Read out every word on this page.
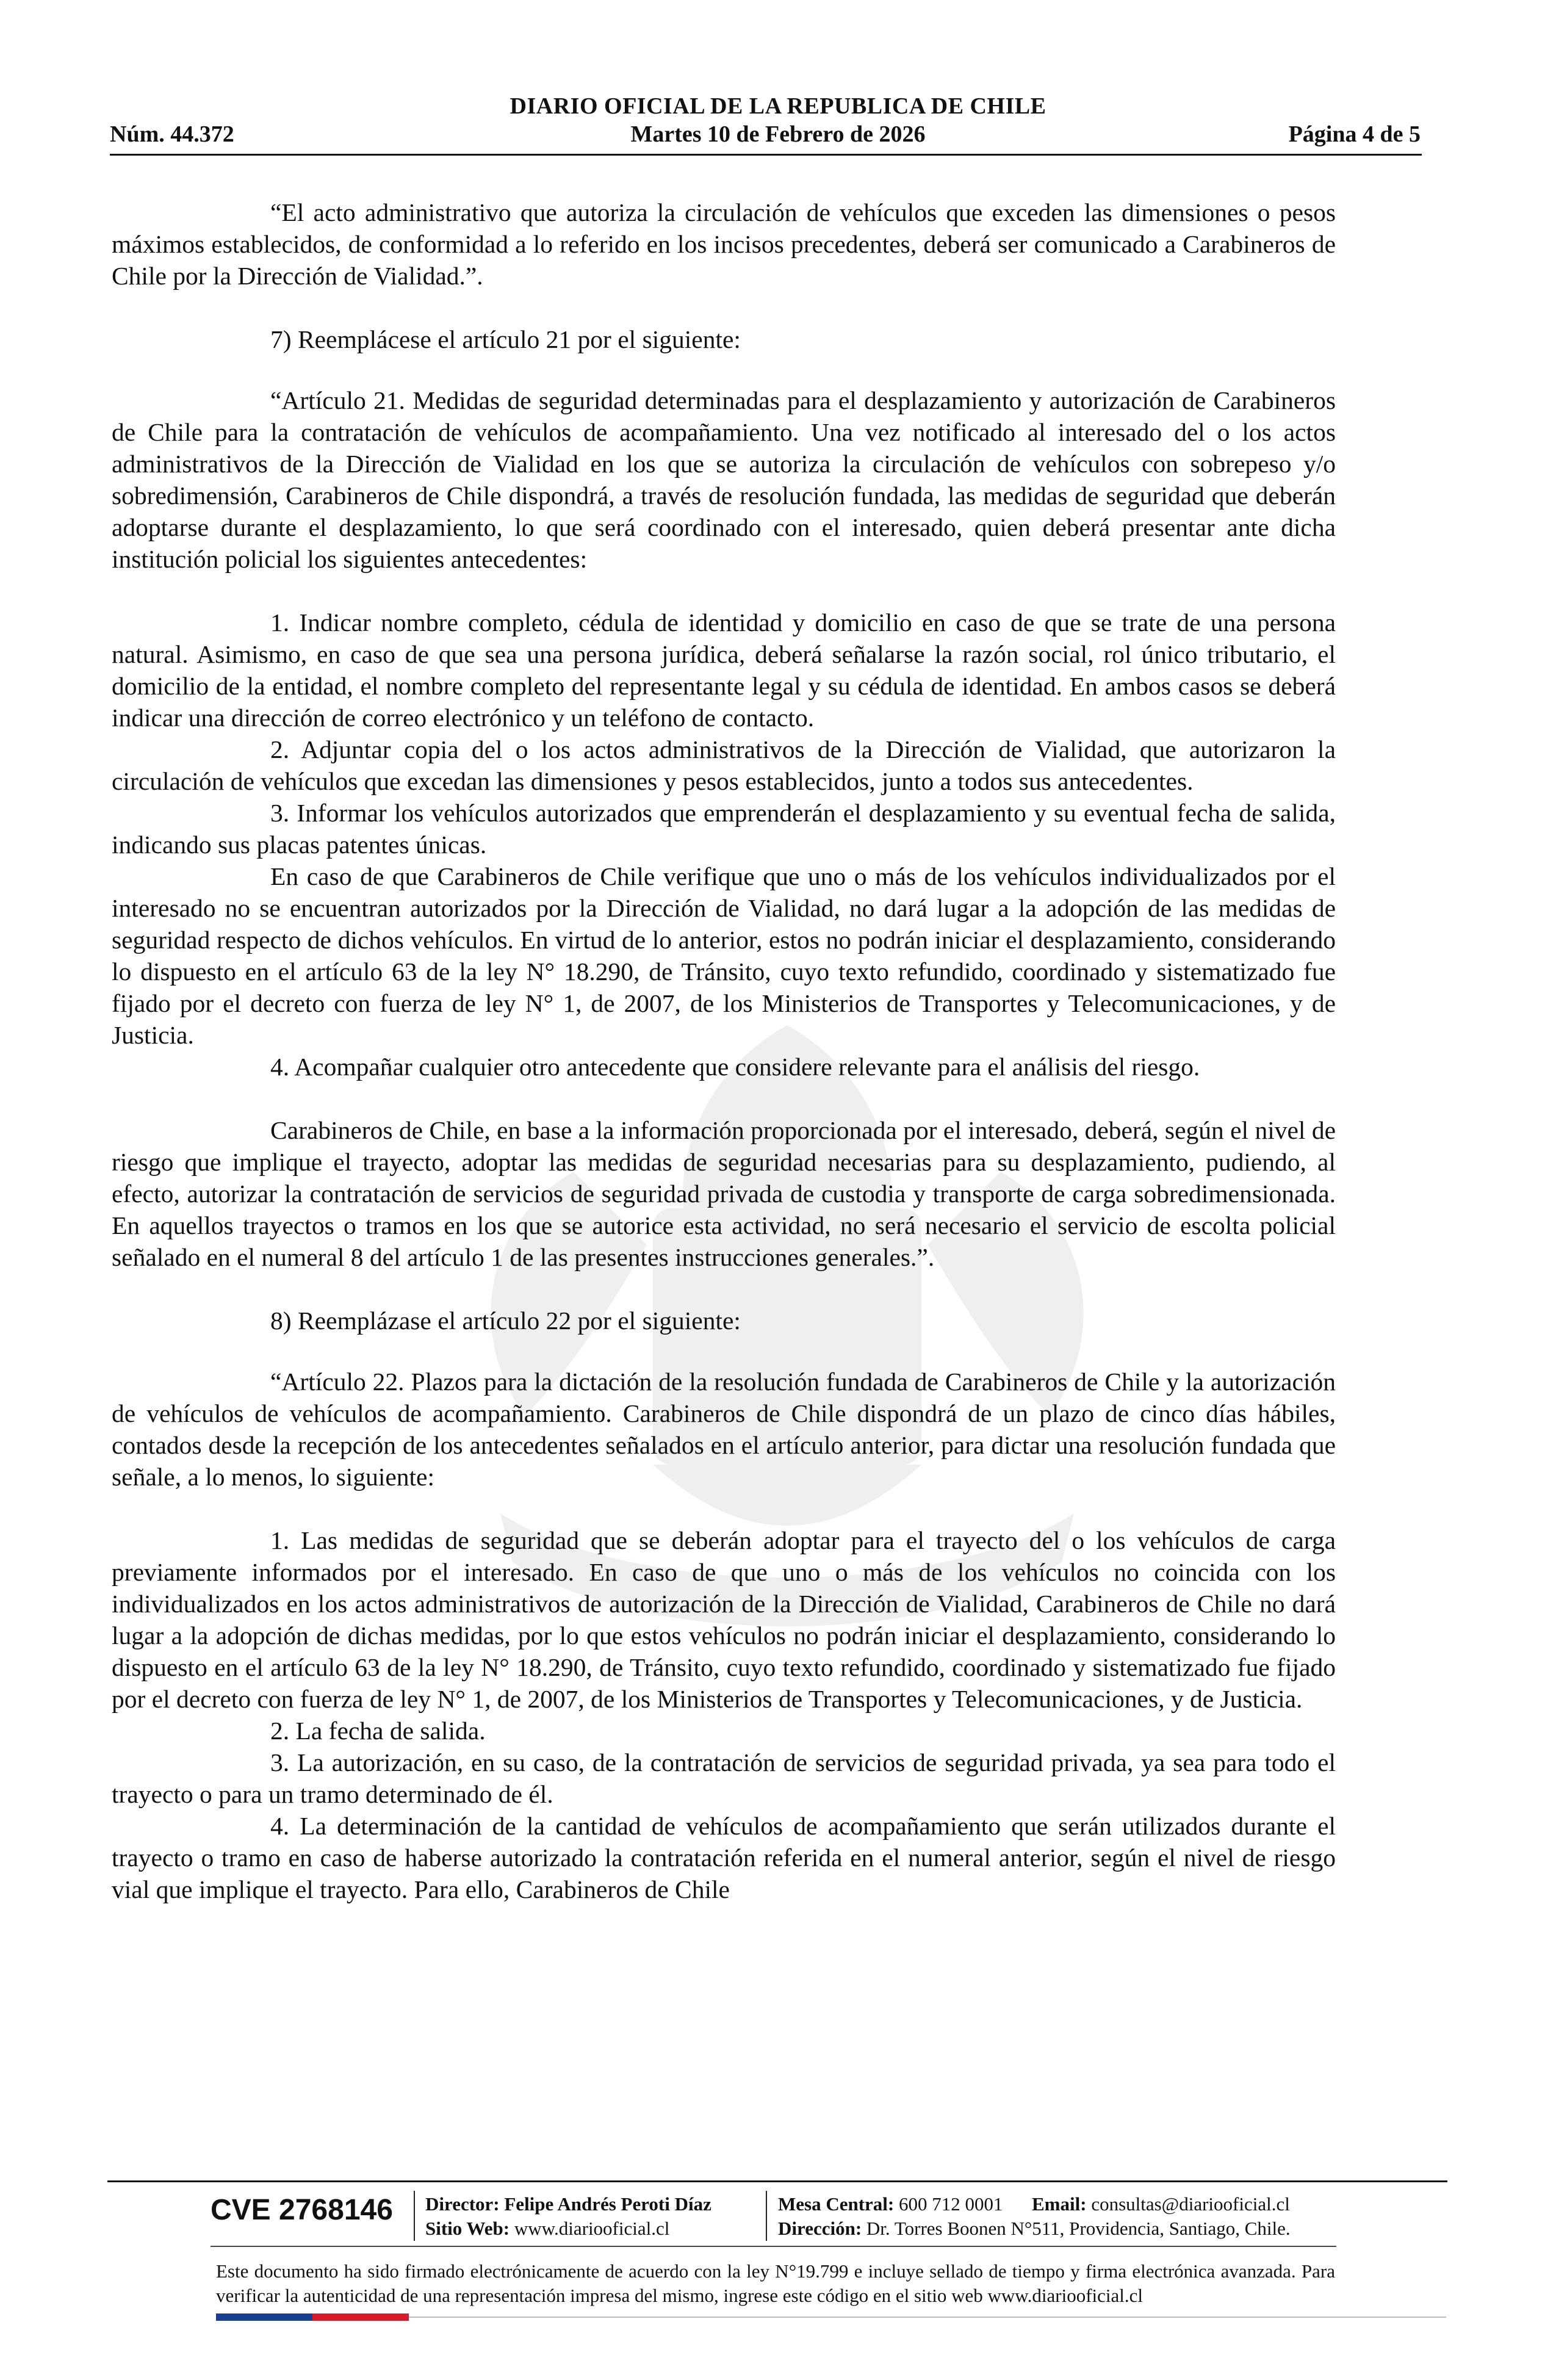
DIARIO OFICIAL DE LA REPUBLICA DE CHILE
Martes 10 de Febrero de 2026
Núm. 44.372	Página 4 de 5

“El acto administrativo que autoriza la circulación de vehículos que exceden las dimensiones o pesos máximos establecidos, de conformidad a lo referido en los incisos precedentes, deberá ser comunicado a Carabineros de Chile por la Dirección de Vialidad.”.

7) Reemplácese el artículo 21 por el siguiente:

“Artículo 21. Medidas de seguridad determinadas para el desplazamiento y autorización de Carabineros de Chile para la contratación de vehículos de acompañamiento. Una vez notificado al interesado del o los actos administrativos de la Dirección de Vialidad en los que se autoriza la circulación de vehículos con sobrepeso y/o sobredimensión, Carabineros de Chile dispondrá, a través de resolución fundada, las medidas de seguridad que deberán adoptarse durante el desplazamiento, lo que será coordinado con el interesado, quien deberá presentar ante dicha institución policial los siguientes antecedentes:

1. Indicar nombre completo, cédula de identidad y domicilio en caso de que se trate de una persona natural. Asimismo, en caso de que sea una persona jurídica, deberá señalarse la razón social, rol único tributario, el domicilio de la entidad, el nombre completo del representante legal y su cédula de identidad. En ambos casos se deberá indicar una dirección de correo electrónico y un teléfono de contacto.

2. Adjuntar copia del o los actos administrativos de la Dirección de Vialidad, que autorizaron la circulación de vehículos que excedan las dimensiones y pesos establecidos, junto a todos sus antecedentes.

3. Informar los vehículos autorizados que emprenderán el desplazamiento y su eventual fecha de salida, indicando sus placas patentes únicas.

En caso de que Carabineros de Chile verifique que uno o más de los vehículos individualizados por el interesado no se encuentran autorizados por la Dirección de Vialidad, no dará lugar a la adopción de las medidas de seguridad respecto de dichos vehículos. En virtud de lo anterior, estos no podrán iniciar el desplazamiento, considerando lo dispuesto en el artículo 63 de la ley N° 18.290, de Tránsito, cuyo texto refundido, coordinado y sistematizado fue fijado por el decreto con fuerza de ley N° 1, de 2007, de los Ministerios de Transportes y Telecomunicaciones, y de Justicia.

4. Acompañar cualquier otro antecedente que considere relevante para el análisis del riesgo.

Carabineros de Chile, en base a la información proporcionada por el interesado, deberá, según el nivel de riesgo que implique el trayecto, adoptar las medidas de seguridad necesarias para su desplazamiento, pudiendo, al efecto, autorizar la contratación de servicios de seguridad privada de custodia y transporte de carga sobredimensionada. En aquellos trayectos o tramos en los que se autorice esta actividad, no será necesario el servicio de escolta policial señalado en el numeral 8 del artículo 1 de las presentes instrucciones generales.”.

8) Reemplázase el artículo 22 por el siguiente:

“Artículo 22. Plazos para la dictación de la resolución fundada de Carabineros de Chile y la autorización de vehículos de vehículos de acompañamiento. Carabineros de Chile dispondrá de un plazo de cinco días hábiles, contados desde la recepción de los antecedentes señalados en el artículo anterior, para dictar una resolución fundada que señale, a lo menos, lo siguiente:

1. Las medidas de seguridad que se deberán adoptar para el trayecto del o los vehículos de carga previamente informados por el interesado. En caso de que uno o más de los vehículos no coincida con los individualizados en los actos administrativos de autorización de la Dirección de Vialidad, Carabineros de Chile no dará lugar a la adopción de dichas medidas, por lo que estos vehículos no podrán iniciar el desplazamiento, considerando lo dispuesto en el artículo 63 de la ley N° 18.290, de Tránsito, cuyo texto refundido, coordinado y sistematizado fue fijado por el decreto con fuerza de ley N° 1, de 2007, de los Ministerios de Transportes y Telecomunicaciones, y de Justicia.

2. La fecha de salida.

3. La autorización, en su caso, de la contratación de servicios de seguridad privada, ya sea para todo el trayecto o para un tramo determinado de él.

4. La determinación de la cantidad de vehículos de acompañamiento que serán utilizados durante el trayecto o tramo en caso de haberse autorizado la contratación referida en el numeral anterior, según el nivel de riesgo vial que implique el trayecto. Para ello, Carabineros de Chile

CVE 2768146 Director: Felipe Andrés Peroti Díaz
Sitio Web: www.diariooficial.cl
Mesa Central: 600 712 0001 Email: consultas@diariooficial.cl
Dirección: Dr. Torres Boonen N°511, Providencia, Santiago, Chile.
Este documento ha sido firmado electrónicamente de acuerdo con la ley N°19.799 e incluye sellado de tiempo y firma electrónica avanzada. Para verificar la autenticidad de una representación impresa del mismo, ingrese este código en el sitio web www.diariooficial.cl
